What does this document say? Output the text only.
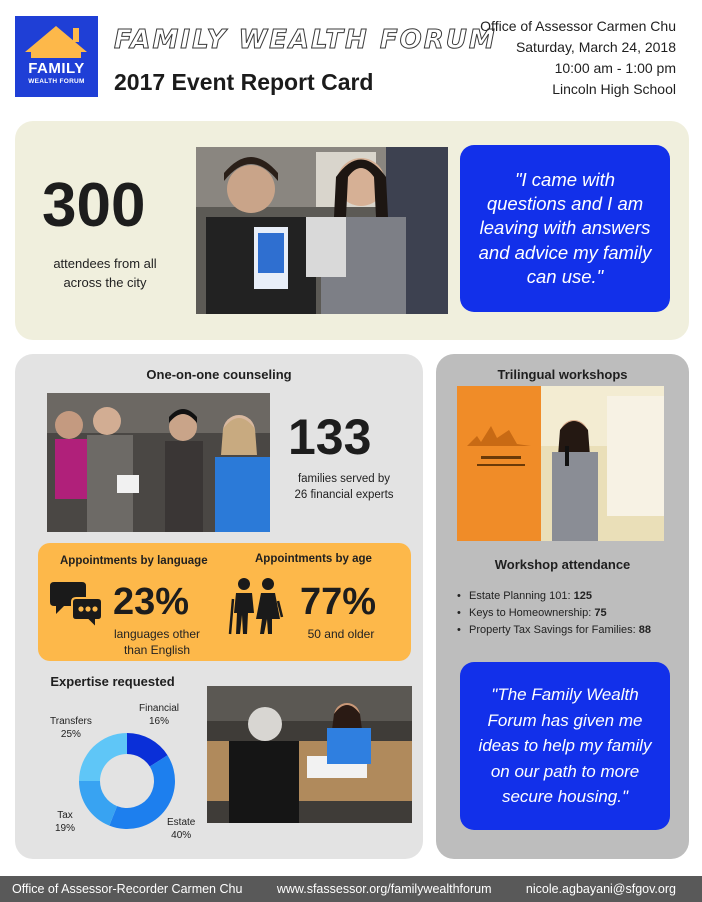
FAMILY
WEALTH FORUM
FAMILY WEALTH FORUM
2017 Event Report Card
Office of Assessor Carmen Chu
Saturday, March 24, 2018
10:00 am - 1:00 pm
Lincoln High School
300
attendees from all
across the city
"I came with questions and I am leaving with answers and advice my family can use."
One-on-one counseling
133
families served by
26 financial experts
Appointments by language	Appointments by age
23%
languages other
than English
77%
50 and older
Expertise requested
Financial
16%
Estate
40%
Tax
19%
Transfers
25%
Trilingual workshops
Workshop attendance
• Estate Planning 101: 125
• Keys to Homeownership: 75
• Property Tax Savings for Families: 88
"The Family Wealth Forum has given me ideas to help my family on our path to more secure housing."
Office of Assessor-Recorder Carmen Chu	www.sfassessor.org/familywealthforum	nicole.agbayani@sfgov.org
